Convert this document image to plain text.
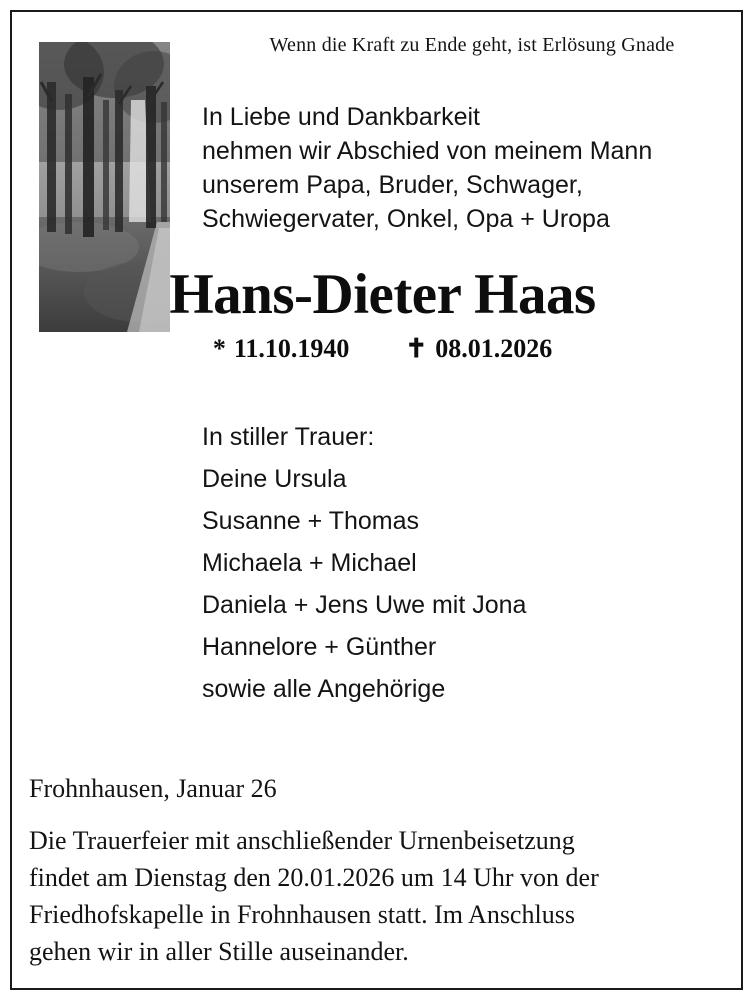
Wenn die Kraft zu Ende geht, ist Erlösung Gnade
In Liebe und Dankbarkeit
nehmen wir Abschied von meinem Mann
unserem Papa, Bruder, Schwager,
Schwiegervater, Onkel, Opa + Uropa
Hans-Dieter Haas
* 11.10.1940 ✝ 08.01.2026
In stiller Trauer:
Deine Ursula
Susanne + Thomas
Michaela + Michael
Daniela + Jens Uwe mit Jona
Hannelore + Günther
sowie alle Angehörige
Frohnhausen, Januar 26
Die Trauerfeier mit anschließender Urnenbeisetzung
findet am Dienstag den 20.01.2026 um 14 Uhr von der
Friedhofskapelle in Frohnhausen statt. Im Anschluss
gehen wir in aller Stille auseinander.
